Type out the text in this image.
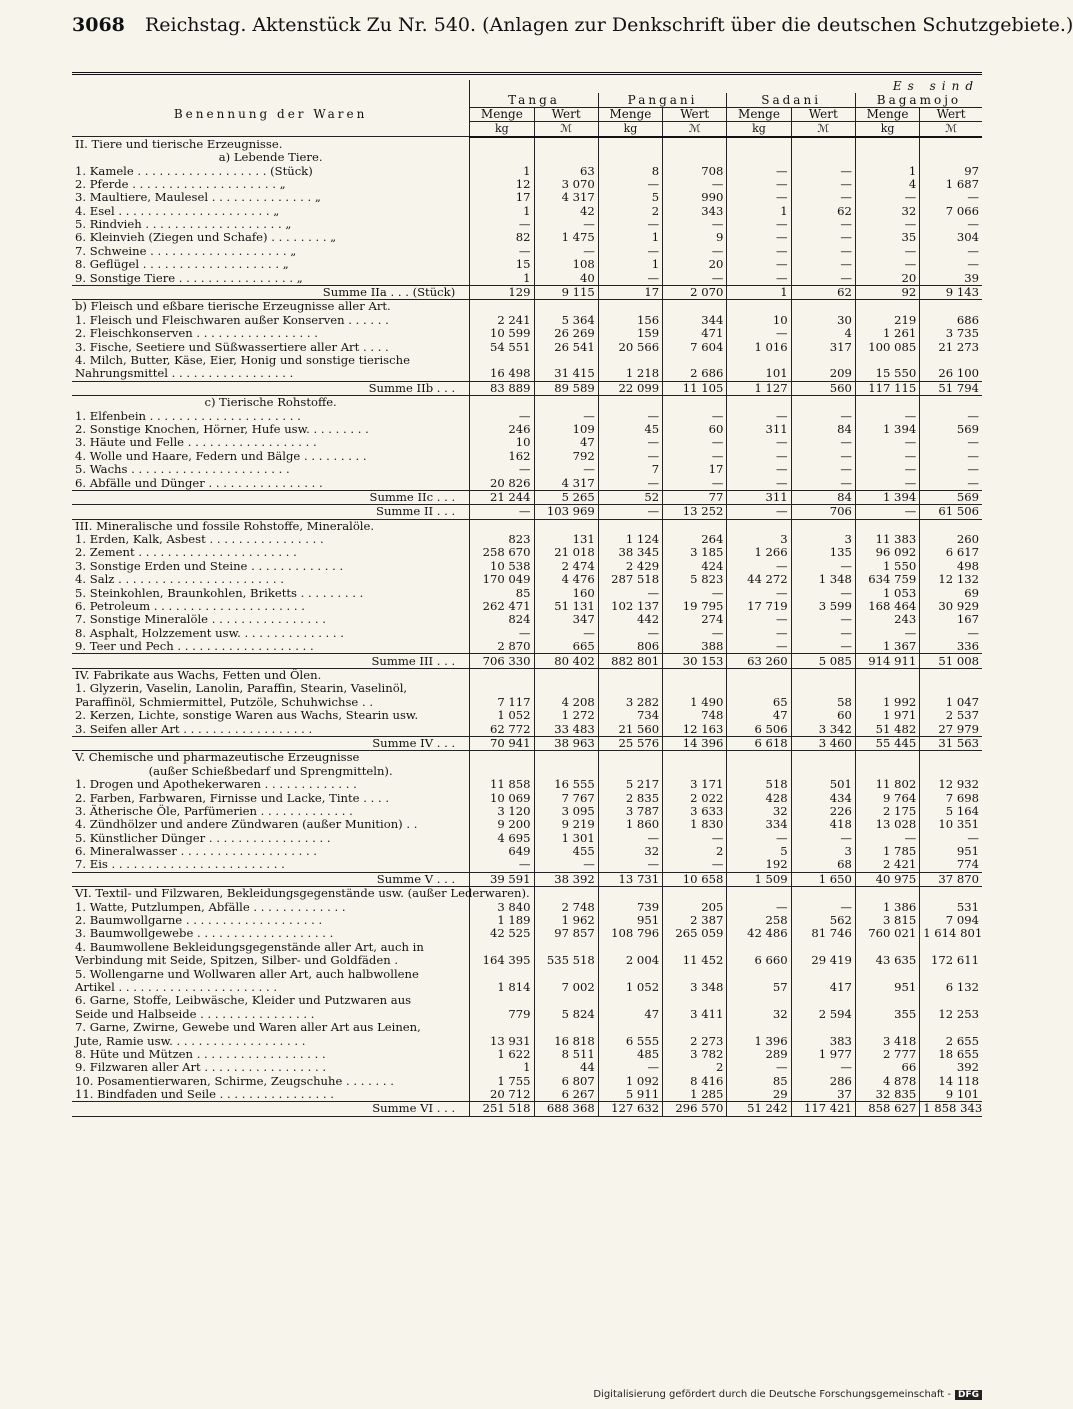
3068 Reichstag. Aktenstück Zu Nr. 540. (Anlagen zur Denkschrift über die deutschen Schutzgebiete.)
	Es sind							
Benennung der Waren	Tanga		Pangani		Sadani		Bagamojo	
	Menge	Wert	Menge	Wert	Menge	Wert	Menge	Wert
	kg	ℳ	kg	ℳ	kg	ℳ	kg	ℳ
II. Tiere und tierische Erzeugnisse.								
a) Lebende Tiere.								
1. Kamele . . . . . . . . . . . . . . . . . . (Stück)	1	63	8	708	—	—	1	97
2. Pferde . . . . . . . . . . . . . . . . . . . . „	12	3 070	—	—	—	—	4	1 687
3. Maultiere, Maulesel . . . . . . . . . . . . . . „	17	4 317	5	990	—	—	—	—
4. Esel . . . . . . . . . . . . . . . . . . . . . „	1	42	2	343	1	62	32	7 066
5. Rindvieh . . . . . . . . . . . . . . . . . . . „	—	—	—	—	—	—	—	—
6. Kleinvieh (Ziegen und Schafe) . . . . . . . . „	82	1 475	1	9	—	—	35	304
7. Schweine . . . . . . . . . . . . . . . . . . . „	—	—	—	—	—	—	—	—
8. Geflügel . . . . . . . . . . . . . . . . . . . „	15	108	1	20	—	—	—	—
9. Sonstige Tiere . . . . . . . . . . . . . . . . „	1	40	—	—	—	—	20	39
Summe IIa . . . (Stück)	129	9 115	17	2 070	1	62	92	9 143
b) Fleisch und eßbare tierische Erzeugnisse aller Art.								
1. Fleisch und Fleischwaren außer Konserven . . . . . .	2 241	5 364	156	344	10	30	219	686
2. Fleischkonserven . . . . . . . . . . . . . . . . .	10 599	26 269	159	471	—	4	1 261	3 735
3. Fische, Seetiere und Süßwassertiere aller Art . . . .	54 551	26 541	20 566	7 604	1 016	317	100 085	21 273
4. Milch, Butter, Käse, Eier, Honig und sonstige tierische								
Nahrungsmittel . . . . . . . . . . . . . . . . .	16 498	31 415	1 218	2 686	101	209	15 550	26 100
Summe IIb . . .	83 889	89 589	22 099	11 105	1 127	560	117 115	51 794
c) Tierische Rohstoffe.								
1. Elfenbein . . . . . . . . . . . . . . . . . . . . .	—	—	—	—	—	—	—	—
2. Sonstige Knochen, Hörner, Hufe usw. . . . . . . . .	246	109	45	60	311	84	1 394	569
3. Häute und Felle . . . . . . . . . . . . . . . . . .	10	47	—	—	—	—	—	—
4. Wolle und Haare, Federn und Bälge . . . . . . . . .	162	792	—	—	—	—	—	—
5. Wachs . . . . . . . . . . . . . . . . . . . . . .	—	—	7	17	—	—	—	—
6. Abfälle und Dünger . . . . . . . . . . . . . . . .	20 826	4 317	—	—	—	—	—	—
Summe IIc . . .	21 244	5 265	52	77	311	84	1 394	569
Summe II . . .	—	103 969	—	13 252	—	706	—	61 506
III. Mineralische und fossile Rohstoffe, Mineralöle.								
1. Erden, Kalk, Asbest . . . . . . . . . . . . . . . .	823	131	1 124	264	3	3	11 383	260
2. Zement . . . . . . . . . . . . . . . . . . . . . .	258 670	21 018	38 345	3 185	1 266	135	96 092	6 617
3. Sonstige Erden und Steine . . . . . . . . . . . . .	10 538	2 474	2 429	424	—	—	1 550	498
4. Salz . . . . . . . . . . . . . . . . . . . . . . .	170 049	4 476	287 518	5 823	44 272	1 348	634 759	12 132
5. Steinkohlen, Braunkohlen, Briketts . . . . . . . . .	85	160	—	—	—	—	1 053	69
6. Petroleum . . . . . . . . . . . . . . . . . . . . .	262 471	51 131	102 137	19 795	17 719	3 599	168 464	30 929
7. Sonstige Mineralöle . . . . . . . . . . . . . . . .	824	347	442	274	—	—	243	167
8. Asphalt, Holzzement usw. . . . . . . . . . . . . . .	—	—	—	—	—	—	—	—
9. Teer und Pech . . . . . . . . . . . . . . . . . . .	2 870	665	806	388	—	—	1 367	336
Summe III . . .	706 330	80 402	882 801	30 153	63 260	5 085	914 911	51 008
IV. Fabrikate aus Wachs, Fetten und Ölen.								
1. Glyzerin, Vaselin, Lanolin, Paraffin, Stearin, Vaselinöl,								
Paraffinöl, Schmiermittel, Putzöle, Schuhwichse . .	7 117	4 208	3 282	1 490	65	58	1 992	1 047
2. Kerzen, Lichte, sonstige Waren aus Wachs, Stearin usw.	1 052	1 272	734	748	47	60	1 971	2 537
3. Seifen aller Art . . . . . . . . . . . . . . . . . .	62 772	33 483	21 560	12 163	6 506	3 342	51 482	27 979
Summe IV . . .	70 941	38 963	25 576	14 396	6 618	3 460	55 445	31 563
V. Chemische und pharmazeutische Erzeugnisse								
(außer Schießbedarf und Sprengmitteln).								
1. Drogen und Apothekerwaren . . . . . . . . . . . . .	11 858	16 555	5 217	3 171	518	501	11 802	12 932
2. Farben, Farbwaren, Firnisse und Lacke, Tinte . . . .	10 069	7 767	2 835	2 022	428	434	9 764	7 698
3. Ätherische Öle, Parfümerien . . . . . . . . . . . . .	3 120	3 095	3 787	3 633	32	226	2 175	5 164
4. Zündhölzer und andere Zündwaren (außer Munition) . .	9 200	9 219	1 860	1 830	334	418	13 028	10 351
5. Künstlicher Dünger . . . . . . . . . . . . . . . . .	4 695	1 301	—	—	—	—	—	—
6. Mineralwasser . . . . . . . . . . . . . . . . . . .	649	455	32	2	5	3	1 785	951
7. Eis . . . . . . . . . . . . . . . . . . . . . . . .	—	—	—	—	192	68	2 421	774
Summe V . . .	39 591	38 392	13 731	10 658	1 509	1 650	40 975	37 870
VI. Textil- und Filzwaren, Bekleidungsgegenstände usw. (außer Lederwaren).								
1. Watte, Putzlumpen, Abfälle . . . . . . . . . . . . .	3 840	2 748	739	205	—	—	1 386	531
2. Baumwollgarne . . . . . . . . . . . . . . . . . . .	1 189	1 962	951	2 387	258	562	3 815	7 094
3. Baumwollgewebe . . . . . . . . . . . . . . . . . . .	42 525	97 857	108 796	265 059	42 486	81 746	760 021	1 614 801
4. Baumwollene Bekleidungsgegenstände aller Art, auch in								
Verbindung mit Seide, Spitzen, Silber- und Goldfäden .	164 395	535 518	2 004	11 452	6 660	29 419	43 635	172 611
5. Wollengarne und Wollwaren aller Art, auch halbwollene								
Artikel . . . . . . . . . . . . . . . . . . . . . .	1 814	7 002	1 052	3 348	57	417	951	6 132
6. Garne, Stoffe, Leibwäsche, Kleider und Putzwaren aus								
Seide und Halbseide . . . . . . . . . . . . . . . .	779	5 824	47	3 411	32	2 594	355	12 253
7. Garne, Zwirne, Gewebe und Waren aller Art aus Leinen,								
Jute, Ramie usw. . . . . . . . . . . . . . . . . . .	13 931	16 818	6 555	2 273	1 396	383	3 418	2 655
8. Hüte und Mützen . . . . . . . . . . . . . . . . . .	1 622	8 511	485	3 782	289	1 977	2 777	18 655
9. Filzwaren aller Art . . . . . . . . . . . . . . . . .	1	44	—	2	—	—	66	392
10. Posamentierwaren, Schirme, Zeugschuhe . . . . . . .	1 755	6 807	1 092	8 416	85	286	4 878	14 118
11. Bindfaden und Seile . . . . . . . . . . . . . . . .	20 712	6 267	5 911	1 285	29	37	32 835	9 101
Summe VI . . .	251 518	688 368	127 632	296 570	51 242	117 421	858 627	1 858 343
Digitalisierung gefördert durch die Deutsche Forschungsgemeinschaft - DFG
